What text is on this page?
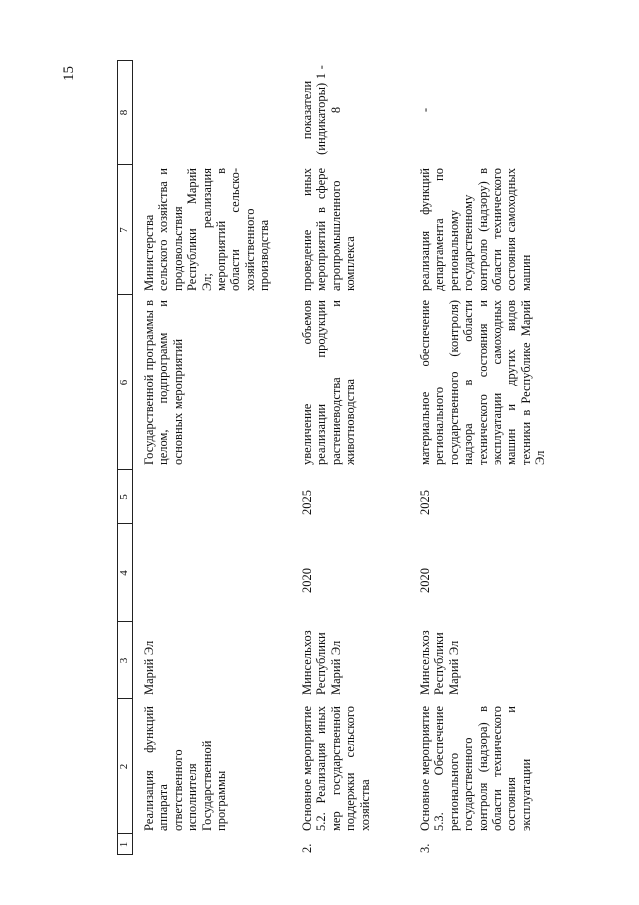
15
1
2
3
4
5
6
7
8
Реализация функций аппарата ответственного исполнителя Государственной программы
Марий Эл
Государственной программы в целом, подпрограмм и основных мероприятий
Министерства сельского хозяйства и продовольствия Республики Марий Эл; реализация мероприятий в области сельско-хозяйственного производства
2.
Основное мероприятие 5.2. Реализация иных мер государственной поддержки сельского хозяйства
Минсельхоз Республики Марий Эл
2020
2025
увеличение объемов реализации продукции растениеводства и животноводства
проведение иных мероприятий в сфере агропромышленного комплекса
показатели (индикаторы) 1 - 8
3.
Основное мероприятие 5.3. Обеспечение регионального государственного контроля (надзора) в области технического состояния и эксплуатации
Минсельхоз Республики Марий Эл
2020
2025
материальное обеспечение регионального государственного (контроля) надзора в области технического состояния и эксплуатации самоходных машин и других видов техники в Республике Марий Эл
реализация функций департамента по региональному государственному контролю (надзору) в области технического состояния самоходных машин
-
